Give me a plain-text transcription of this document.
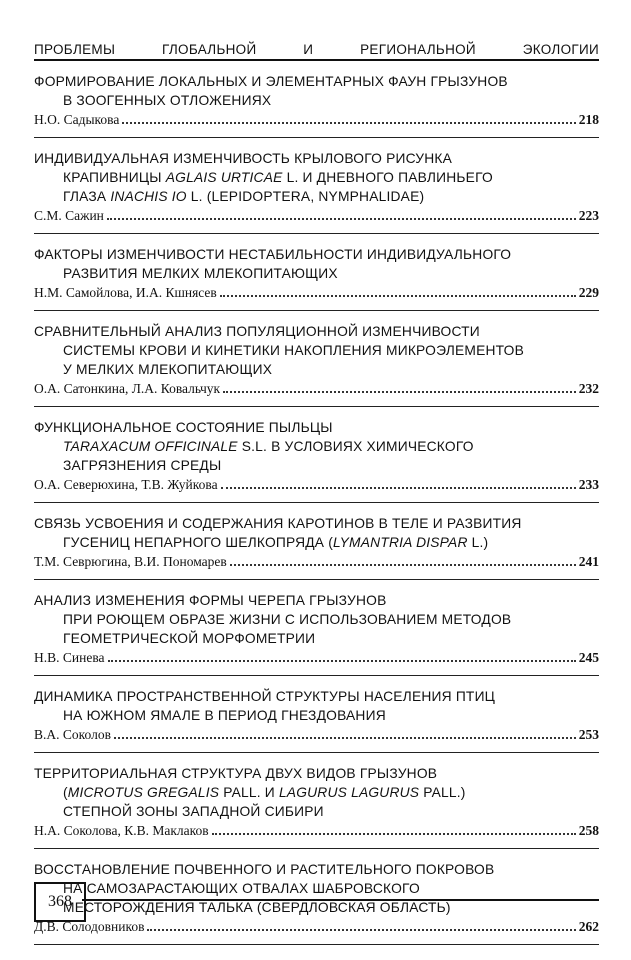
ПРОБЛЕМЫ	ГЛОБАЛЬНОЙ	И	РЕГИОНАЛЬНОЙ	ЭКОЛОГИИ
ФОРМИРОВАНИЕ ЛОКАЛЬНЫХ И ЭЛЕМЕНТАРНЫХ ФАУН ГРЫЗУНОВ
В ЗООГЕННЫХ ОТЛОЖЕНИЯХ
Н.О. Садыкова	218
ИНДИВИДУАЛЬНАЯ ИЗМЕНЧИВОСТЬ КРЫЛОВОГО РИСУНКА
КРАПИВНИЦЫ AGLAIS URTICAE L. И ДНЕВНОГО ПАВЛИНЬЕГО
ГЛАЗА INACHIS IO L. (LEPIDOPTERA, NYMPHALIDAE)
С.М. Сажин	223
ФАКТОРЫ ИЗМЕНЧИВОСТИ НЕСТАБИЛЬНОСТИ ИНДИВИДУАЛЬНОГО
РАЗВИТИЯ МЕЛКИХ МЛЕКОПИТАЮЩИХ
Н.М. Самойлова, И.А. Кшнясев	229
СРАВНИТЕЛЬНЫЙ АНАЛИЗ ПОПУЛЯЦИОННОЙ ИЗМЕНЧИВОСТИ
СИСТЕМЫ КРОВИ И КИНЕТИКИ НАКОПЛЕНИЯ МИКРОЭЛЕМЕНТОВ
У МЕЛКИХ МЛЕКОПИТАЮЩИХ
О.А. Сатонкина, Л.А. Ковальчук	232
ФУНКЦИОНАЛЬНОЕ СОСТОЯНИЕ ПЫЛЬЦЫ
TARAXACUM OFFICINALE S.L. В УСЛОВИЯХ ХИМИЧЕСКОГО
ЗАГРЯЗНЕНИЯ СРЕДЫ
О.А. Северюхина, Т.В. Жуйкова	233
СВЯЗЬ УСВОЕНИЯ И СОДЕРЖАНИЯ КАРОТИНОВ В ТЕЛЕ И РАЗВИТИЯ
ГУСЕНИЦ НЕПАРНОГО ШЕЛКОПРЯДА (LYMANTRIA DISPAR L.)
Т.М. Севрюгина, В.И. Пономарев	241
АНАЛИЗ ИЗМЕНЕНИЯ ФОРМЫ ЧЕРЕПА ГРЫЗУНОВ
ПРИ РОЮЩЕМ ОБРАЗЕ ЖИЗНИ С ИСПОЛЬЗОВАНИЕМ МЕТОДОВ
ГЕОМЕТРИЧЕСКОЙ МОРФОМЕТРИИ
Н.В. Синева	245
ДИНАМИКА ПРОСТРАНСТВЕННОЙ СТРУКТУРЫ НАСЕЛЕНИЯ ПТИЦ
НА ЮЖНОМ ЯМАЛЕ В ПЕРИОД ГНЕЗДОВАНИЯ
В.А. Соколов	253
ТЕРРИТОРИАЛЬНАЯ СТРУКТУРА ДВУХ ВИДОВ ГРЫЗУНОВ
(MICROTUS GREGALIS PALL. И LAGURUS LAGURUS PALL.)
СТЕПНОЙ ЗОНЫ ЗАПАДНОЙ СИБИРИ
Н.А. Соколова, К.В. Маклаков	258
ВОССТАНОВЛЕНИЕ ПОЧВЕННОГО И РАСТИТЕЛЬНОГО ПОКРОВОВ
НА САМОЗАРАСТАЮЩИХ ОТВАЛАХ ШАБРОВСКОГО
МЕСТОРОЖДЕНИЯ ТАЛЬКА (СВЕРДЛОВСКАЯ ОБЛАСТЬ)
Д.В. Солодовников	262
368
